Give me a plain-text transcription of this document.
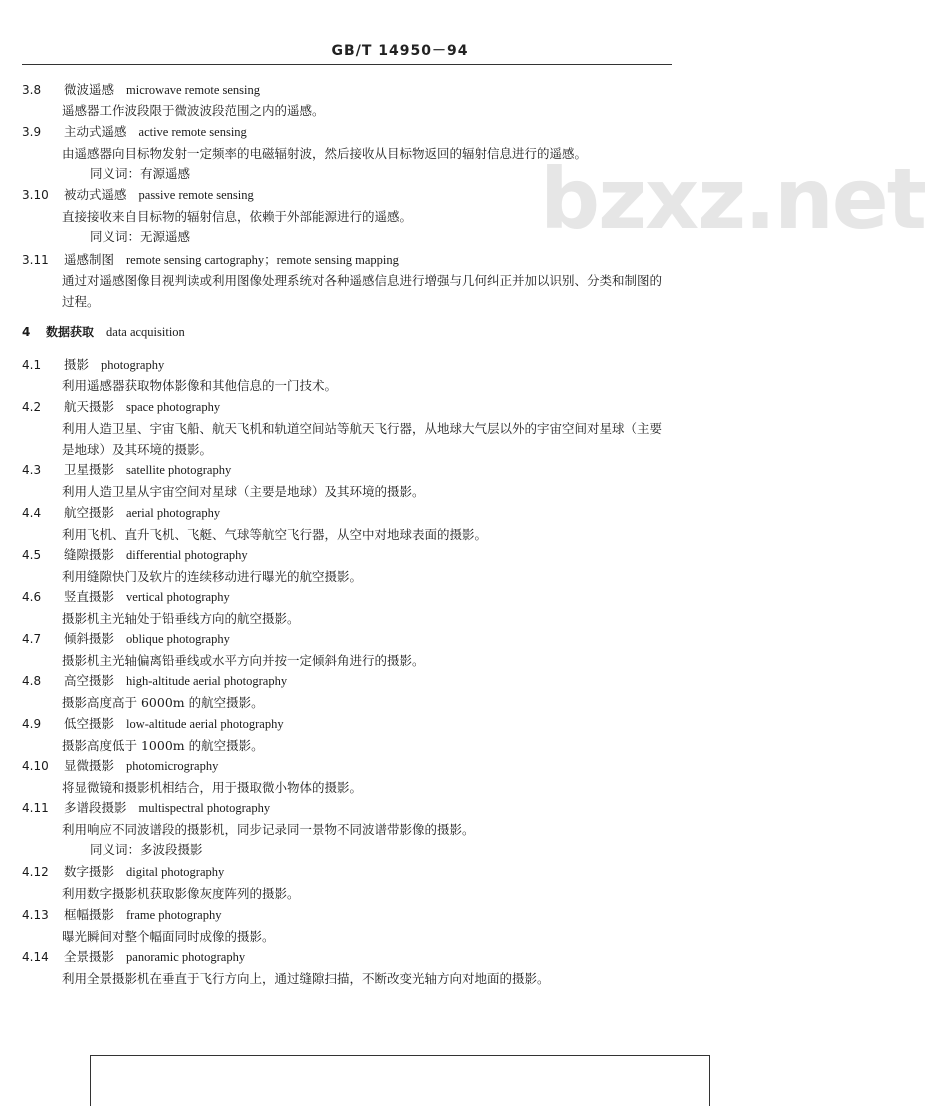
GB/T 14950－94
bzxz.net
3.8 微波遥感 microwave remote sensing
遥感器工作波段限于微波波段范围之内的遥感。
3.9 主动式遥感 active remote sensing
由遥感器向目标物发射一定频率的电磁辐射波，然后接收从目标物返回的辐射信息进行的遥感。
同义词：有源遥感
3.10 被动式遥感 passive remote sensing
直接接收来自目标物的辐射信息，依赖于外部能源进行的遥感。
同义词：无源遥感
3.11 遥感制图 remote sensing cartography；remote sensing mapping
通过对遥感图像目视判读或利用图像处理系统对各种遥感信息进行增强与几何纠正并加以识别、分类和制图的过程。
4 数据获取 data acquisition
4.1 摄影 photography
利用遥感器获取物体影像和其他信息的一门技术。
4.2 航天摄影 space photography
利用人造卫星、宇宙飞船、航天飞机和轨道空间站等航天飞行器，从地球大气层以外的宇宙空间对星球（主要是地球）及其环境的摄影。
4.3 卫星摄影 satellite photography
利用人造卫星从宇宙空间对星球（主要是地球）及其环境的摄影。
4.4 航空摄影 aerial photography
利用飞机、直升飞机、飞艇、气球等航空飞行器，从空中对地球表面的摄影。
4.5 缝隙摄影 differential photography
利用缝隙快门及软片的连续移动进行曝光的航空摄影。
4.6 竖直摄影 vertical photography
摄影机主光轴处于铅垂线方向的航空摄影。
4.7 倾斜摄影 oblique photography
摄影机主光轴偏离铅垂线或水平方向并按一定倾斜角进行的摄影。
4.8 高空摄影 high-altitude aerial photography
摄影高度高于 6000m 的航空摄影。
4.9 低空摄影 low-altitude aerial photography
摄影高度低于 1000m 的航空摄影。
4.10 显微摄影 photomicrography
将显微镜和摄影机相结合，用于摄取微小物体的摄影。
4.11 多谱段摄影 multispectral photography
利用响应不同波谱段的摄影机，同步记录同一景物不同波谱带影像的摄影。
同义词：多波段摄影
4.12 数字摄影 digital photography
利用数字摄影机获取影像灰度阵列的摄影。
4.13 框幅摄影 frame photography
曝光瞬间对整个幅面同时成像的摄影。
4.14 全景摄影 panoramic photography
利用全景摄影机在垂直于飞行方向上，通过缝隙扫描，不断改变光轴方向对地面的摄影。
